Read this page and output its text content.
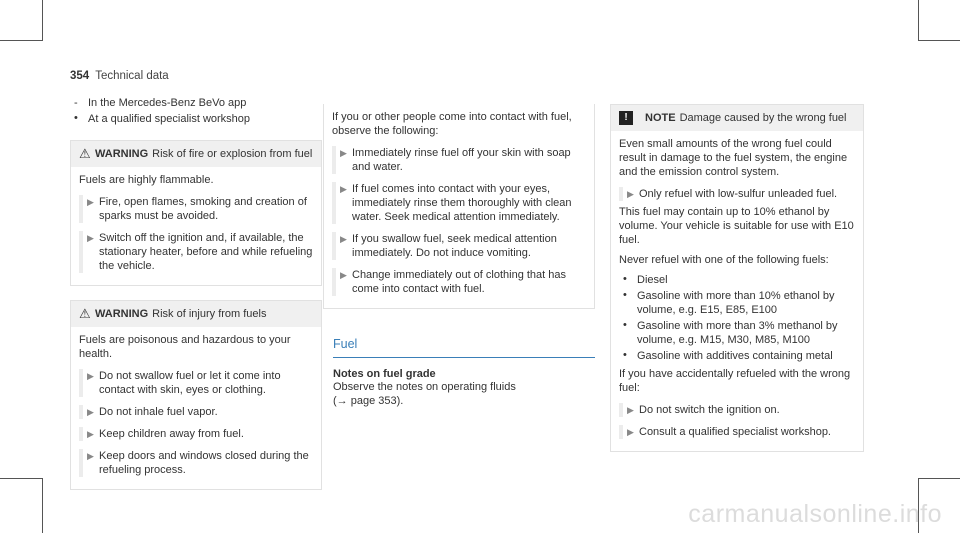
354 Technical data
- In the Mercedes-Benz BeVo app
• At a qualified specialist workshop
⚠ WARNING Risk of fire or explosion from fuel
Fuels are highly flammable.
▶ Fire, open flames, smoking and creation of sparks must be avoided.
▶ Switch off the ignition and, if available, the stationary heater, before and while refueling the vehicle.
⚠ WARNING Risk of injury from fuels
Fuels are poisonous and hazardous to your health.
▶ Do not swallow fuel or let it come into contact with skin, eyes or clothing.
▶ Do not inhale fuel vapor.
▶ Keep children away from fuel.
▶ Keep doors and windows closed during the refueling process.
If you or other people come into contact with fuel, observe the following:
▶ Immediately rinse fuel off your skin with soap and water.
▶ If fuel comes into contact with your eyes, immediately rinse them thoroughly with clean water. Seek medical attention immediately.
▶ If you swallow fuel, seek medical attention immediately. Do not induce vomiting.
▶ Change immediately out of clothing that has come into contact with fuel.
Fuel
Notes on fuel grade
Observe the notes on operating fluids
(→ page 353).
!	NOTE Damage caused by the wrong fuel
Even small amounts of the wrong fuel could result in damage to the fuel system, the engine and the emission control system.
▶ Only refuel with low-sulfur unleaded fuel.
This fuel may contain up to 10% ethanol by volume. Your vehicle is suitable for use with E10 fuel.
Never refuel with one of the following fuels:
• Diesel
• Gasoline with more than 10% ethanol by volume, e.g. E15, E85, E100
• Gasoline with more than 3% methanol by volume, e.g. M15, M30, M85, M100
• Gasoline with additives containing metal
If you have accidentally refueled with the wrong fuel:
▶ Do not switch the ignition on.
▶ Consult a qualified specialist workshop.
carmanualsonline.info
